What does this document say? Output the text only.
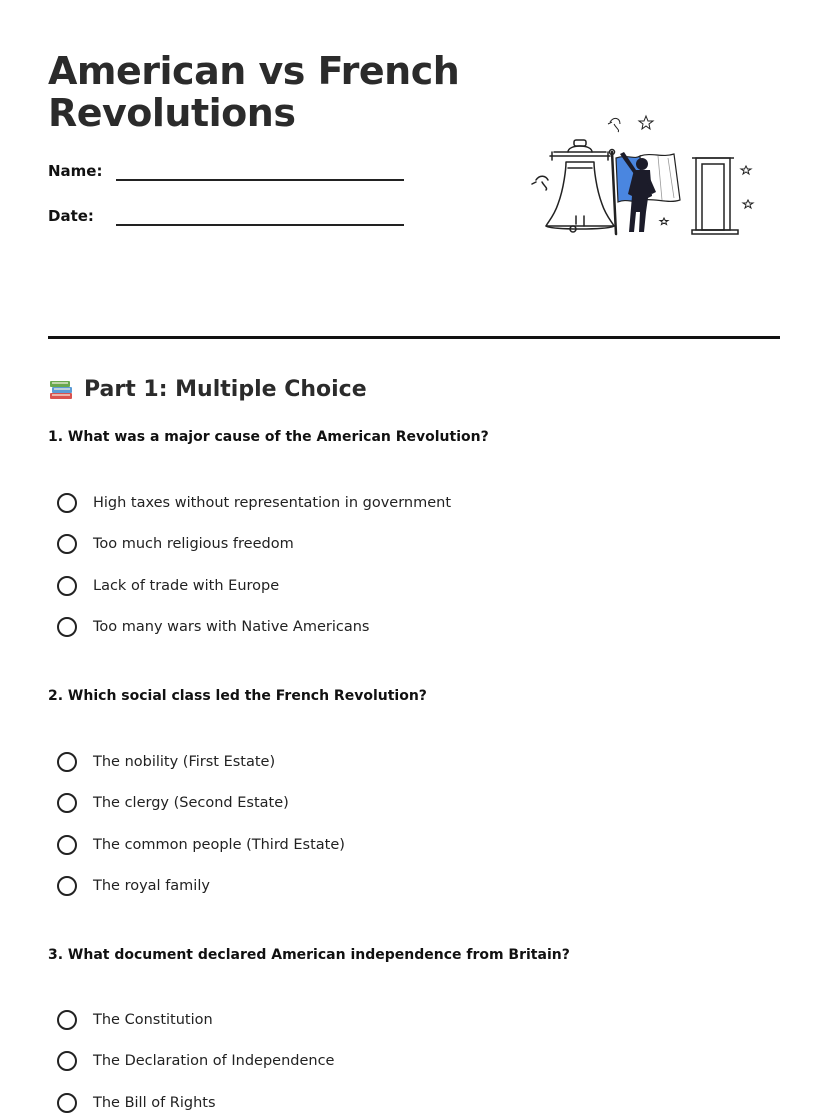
American vs French Revolutions
Name:
Date:
Part 1: Multiple Choice
1. What was a major cause of the American Revolution?
High taxes without representation in government
Too much religious freedom
Lack of trade with Europe
Too many wars with Native Americans
2. Which social class led the French Revolution?
The nobility (First Estate)
The clergy (Second Estate)
The common people (Third Estate)
The royal family
3. What document declared American independence from Britain?
The Constitution
The Declaration of Independence
The Bill of Rights
